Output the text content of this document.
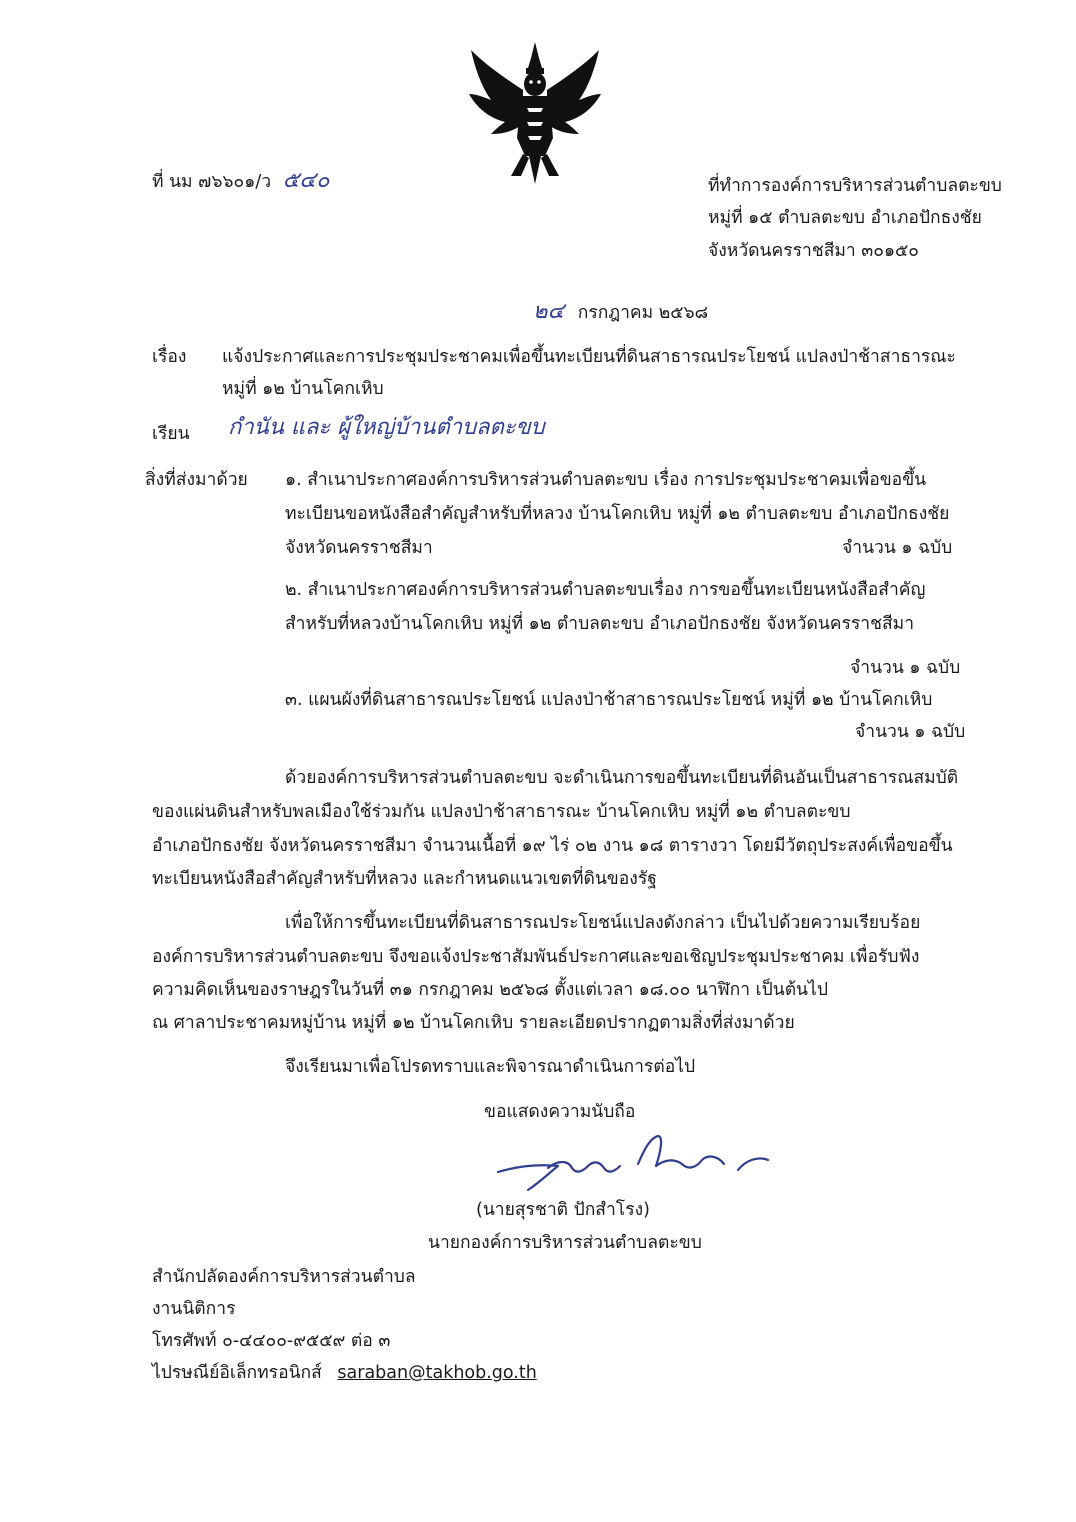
ที่ นม ๗๖๖๐๑/ว ๕๔๐	ที่ทำการองค์การบริหารส่วนตำบลตะขบ
หมู่ที่ ๑๕ ตำบลตะขบ อำเภอปักธงชัย
จังหวัดนครราชสีมา ๓๐๑๕๐
๒๔ กรกฎาคม ๒๕๖๘
เรื่อง แจ้งประกาศและการประชุมประชาคมเพื่อขึ้นทะเบียนที่ดินสาธารณประโยชน์ แปลงป่าช้าสาธารณะ
หมู่ที่ ๑๒ บ้านโคกเหิบ
เรียน กำนัน และ ผู้ใหญ่บ้านตำบลตะขบ
สิ่งที่ส่งมาด้วย ๑. สำเนาประกาศองค์การบริหารส่วนตำบลตะขบ เรื่อง การประชุมประชาคมเพื่อขอขึ้น
ทะเบียนขอหนังสือสำคัญสำหรับที่หลวง บ้านโคกเหิบ หมู่ที่ ๑๒ ตำบลตะขบ อำเภอปักธงชัย
จังหวัดนครราชสีมา	จำนวน ๑ ฉบับ
๒. สำเนาประกาศองค์การบริหารส่วนตำบลตะขบเรื่อง การขอขึ้นทะเบียนหนังสือสำคัญ
สำหรับที่หลวงบ้านโคกเหิบ หมู่ที่ ๑๒ ตำบลตะขบ อำเภอปักธงชัย จังหวัดนครราชสีมา
จำนวน ๑ ฉบับ
๓. แผนผังที่ดินสาธารณประโยชน์ แปลงป่าช้าสาธารณประโยชน์ หมู่ที่ ๑๒ บ้านโคกเหิบ
จำนวน ๑ ฉบับ
ด้วยองค์การบริหารส่วนตำบลตะขบ จะดำเนินการขอขึ้นทะเบียนที่ดินอันเป็นสาธารณสมบัติ
ของแผ่นดินสำหรับพลเมืองใช้ร่วมกัน แปลงป่าช้าสาธารณะ บ้านโคกเหิบ หมู่ที่ ๑๒ ตำบลตะขบ
อำเภอปักธงชัย จังหวัดนครราชสีมา จำนวนเนื้อที่ ๑๙ ไร่ ๐๒ งาน ๑๘ ตารางวา โดยมีวัตถุประสงค์เพื่อขอขึ้น
ทะเบียนหนังสือสำคัญสำหรับที่หลวง และกำหนดแนวเขตที่ดินของรัฐ
เพื่อให้การขึ้นทะเบียนที่ดินสาธารณประโยชน์แปลงดังกล่าว เป็นไปด้วยความเรียบร้อย
องค์การบริหารส่วนตำบลตะขบ จึงขอแจ้งประชาสัมพันธ์ประกาศและขอเชิญประชุมประชาคม เพื่อรับฟัง
ความคิดเห็นของราษฎรในวันที่ ๓๑ กรกฎาคม ๒๕๖๘ ตั้งแต่เวลา ๑๘.๐๐ นาฬิกา เป็นต้นไป
ณ ศาลาประชาคมหมู่บ้าน หมู่ที่ ๑๒ บ้านโคกเหิบ รายละเอียดปรากฏตามสิ่งที่ส่งมาด้วย
จึงเรียนมาเพื่อโปรดทราบและพิจารณาดำเนินการต่อไป
ขอแสดงความนับถือ
(นายสุรชาติ ปักสำโรง)
นายกองค์การบริหารส่วนตำบลตะขบ
สำนักปลัดองค์การบริหารส่วนตำบล
งานนิติการ
โทรศัพท์ ๐-๔๔๐๐-๙๕๕๙ ต่อ ๓
ไปรษณีย์อิเล็กทรอนิกส์ saraban@takhob.go.th
